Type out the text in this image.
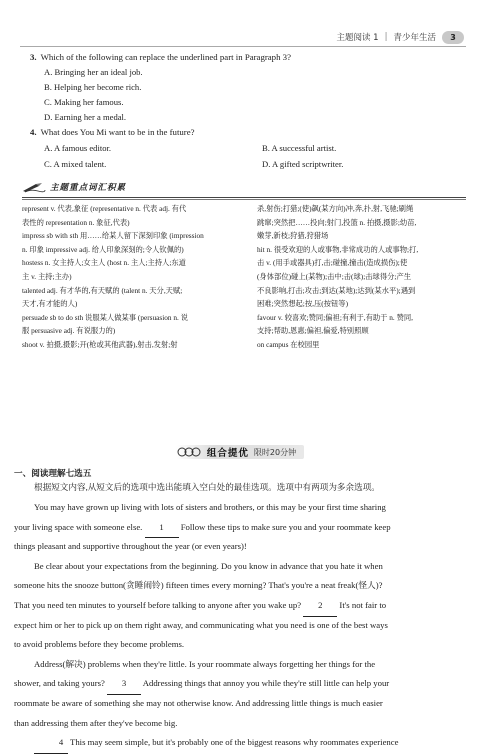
主题阅读 1 | 青少年生活	3
3. Which of the following can replace the underlined part in Paragraph 3?
A. Bringing her an ideal job.
B. Helping her become rich.
C. Making her famous.
D. Earning her a medal.
4. What does You Mi want to be in the future?
A. A famous editor.	B. A successful artist.
C. A mixed talent.	D. A gifted scriptwriter.
主题重点词汇积累
represent v. 代表,象征 (representative n. 代表 adj. 有代
表性的 representation n. 象征,代表)
impress sb with sth 用……给某人留下深刻印象 (impression
n. 印象 impressive adj. 给人印象深刻的;令人钦佩的)
hostess n. 女主持人;女主人 (host n. 主人;主持人;东道
主 v. 主持;主办)
talented adj. 有才华的,有天赋的 (talent n. 天分,天赋;
天才,有才能的人)
persuade sb to do sth 说服某人做某事 (persuasion n. 说
服 persuasive adj. 有说服力的)
shoot v. 拍摄,摄影;开(枪或其他武器),射击,发射;射
杀,射伤;打猎;(使)飙(某方向)冲,奔,扑,射,飞驰;刷绳
跳窜;突然把……投向;射门,投篮 n. 拍摄,摄影;幼苗,
嫩芽,新枝;狩猎,狩猎场
hit n. 很受欢迎的人或事物,非常成功的人或事物;打,
击 v. (用手或器具)打,击;碰撞,撞击(造成损伤);使
(身体部位)碰上(某物);击中;击(球);击球得分;产生
不良影响,打击;攻击;到达(某地);达到(某水平);遇到
困难;突然想起;按,压(按钮等)
favour v. 较喜欢;赞同;偏袒;有利于,有助于 n. 赞同,
支持;帮助,恩惠;偏袒,偏爱,特别照顾
on campus 在校园里
组合提优 限时20分钟
一、阅读理解七选五
根据短文内容,从短文后的选项中选出能填入空白处的最佳选项。选项中有两项为多余选项。
You may have grown up living with lots of sisters and brothers, or this may be your first time sharing
your living space with someone else. 1 Follow these tips to make sure you and your roommate keep
things pleasant and supportive throughout the year (or even years)!
Be clear about your expectations from the beginning. Do you know in advance that you hate it when
someone hits the snooze button(贪睡闹铃) fifteen times every morning? That's you're a neat freak(怪人)?
That you need ten minutes to yourself before talking to anyone after you wake up? 2 It's not fair to
expect him or her to pick up on them right away, and communicating what you need is one of the best ways
to avoid problems before they become problems.
Address(解决) problems when they're little. Is your roommate always forgetting her things for the
shower, and taking yours? 3 Addressing things that annoy you while they're still little can help your
roommate be aware of something she may not otherwise know. And addressing little things is much easier
than addressing them after they've become big.
4 This may seem simple, but it's probably one of the biggest reasons why roommates experience
